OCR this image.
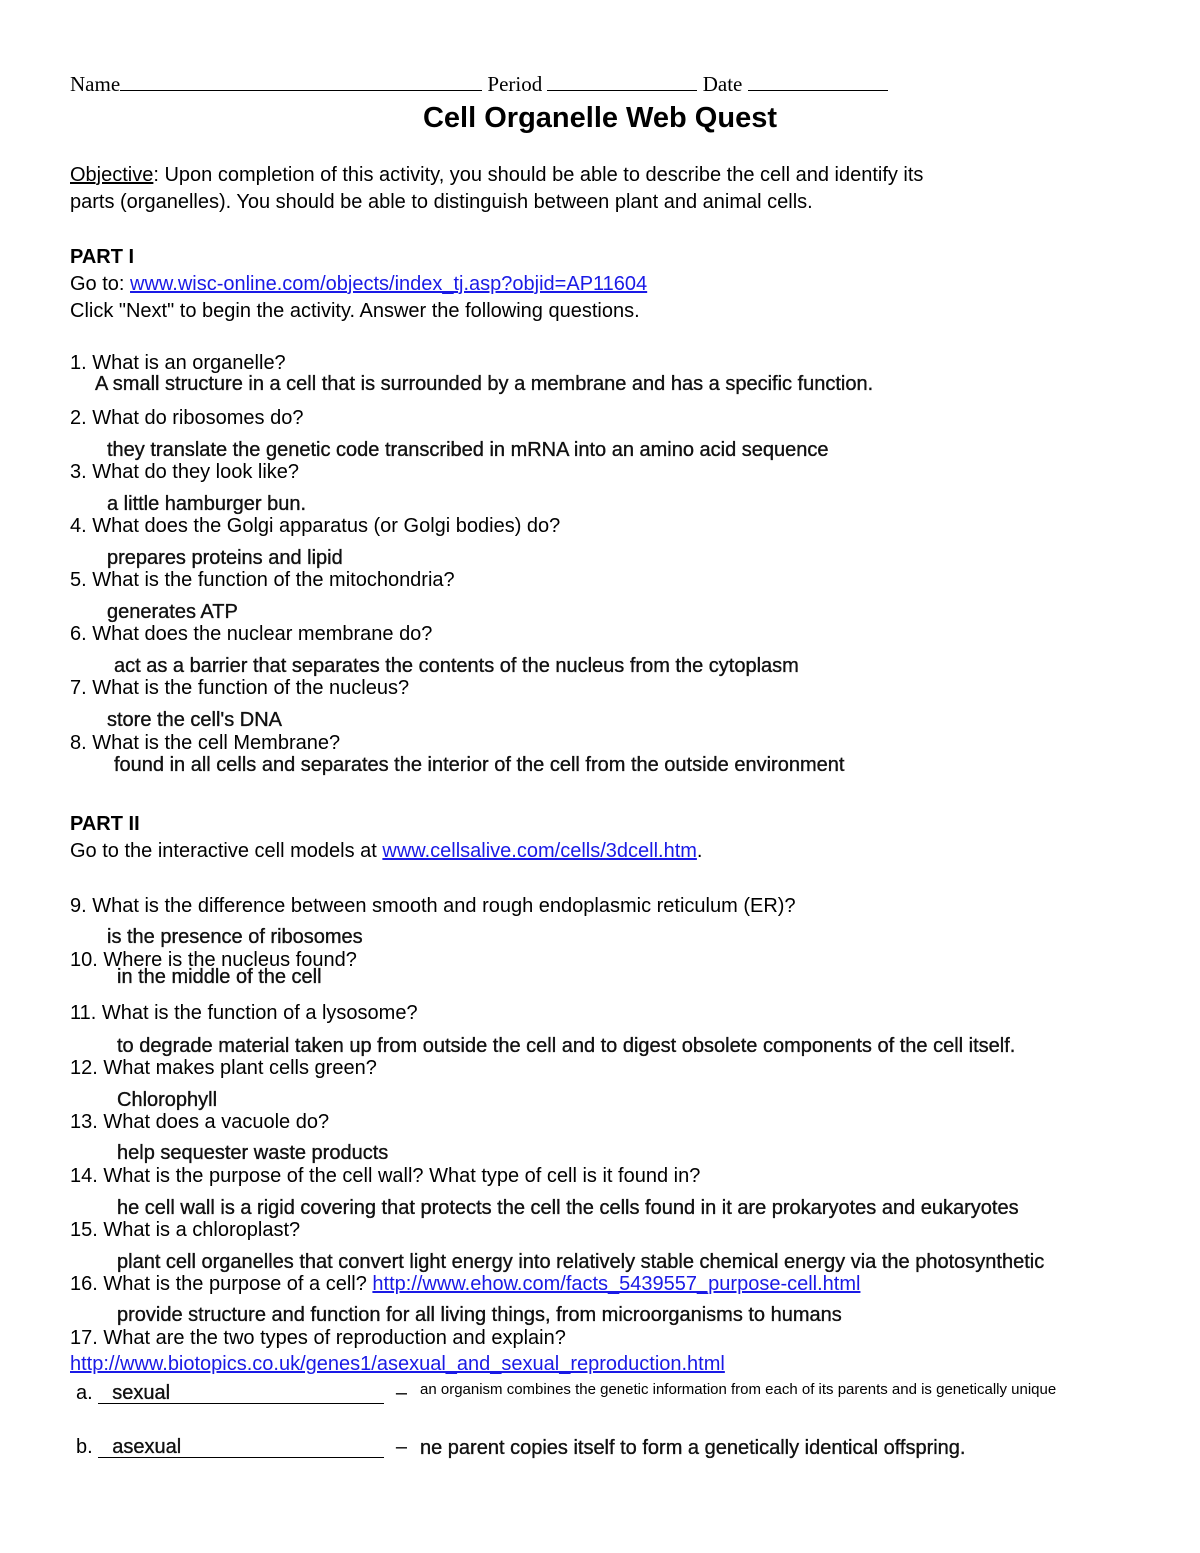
Name	Period	Date
Cell Organelle Web Quest
Objective: Upon completion of this activity, you should be able to describe the cell and identify its
parts (organelles). You should be able to distinguish between plant and animal cells.
PART I
Go to: www.wisc-online.com/objects/index_tj.asp?objid=AP11604
Click "Next" to begin the activity. Answer the following questions.
1. What is an organelle?
A small structure in a cell that is surrounded by a membrane and has a specific function.
2. What do ribosomes do?
they translate the genetic code transcribed in mRNA into an amino acid sequence
3. What do they look like?
a little hamburger bun.
4. What does the Golgi apparatus (or Golgi bodies) do?
prepares proteins and lipid
5. What is the function of the mitochondria?
generates ATP
6. What does the nuclear membrane do?
act as a barrier that separates the contents of the nucleus from the cytoplasm
7. What is the function of the nucleus?
store the cell's DNA
8. What is the cell Membrane?
found in all cells and separates the interior of the cell from the outside environment
PART II
Go to the interactive cell models at www.cellsalive.com/cells/3dcell.htm.
9. What is the difference between smooth and rough endoplasmic reticulum (ER)?
is the presence of ribosomes
10. Where is the nucleus found?
in the middle of the cell
11. What is the function of a lysosome?
to degrade material taken up from outside the cell and to digest obsolete components of the cell itself.
12. What makes plant cells green?
Chlorophyll
13. What does a vacuole do?
help sequester waste products
14. What is the purpose of the cell wall? What type of cell is it found in?
he cell wall is a rigid covering that protects the cell the cells found in it are prokaryotes and eukaryotes
15. What is a chloroplast?
plant cell organelles that convert light energy into relatively stable chemical energy via the photosynthetic
16. What is the purpose of a cell? http://www.ehow.com/facts_5439557_purpose-cell.html
provide structure and function for all living things, from microorganisms to humans
17. What are the two types of reproduction and explain?
http://www.biotopics.co.uk/genes1/asexual_and_sexual_reproduction.html
a. sexual	– an organism combines the genetic information from each of its parents and is genetically unique
b. asexual	– ne parent copies itself to form a genetically identical offspring.
